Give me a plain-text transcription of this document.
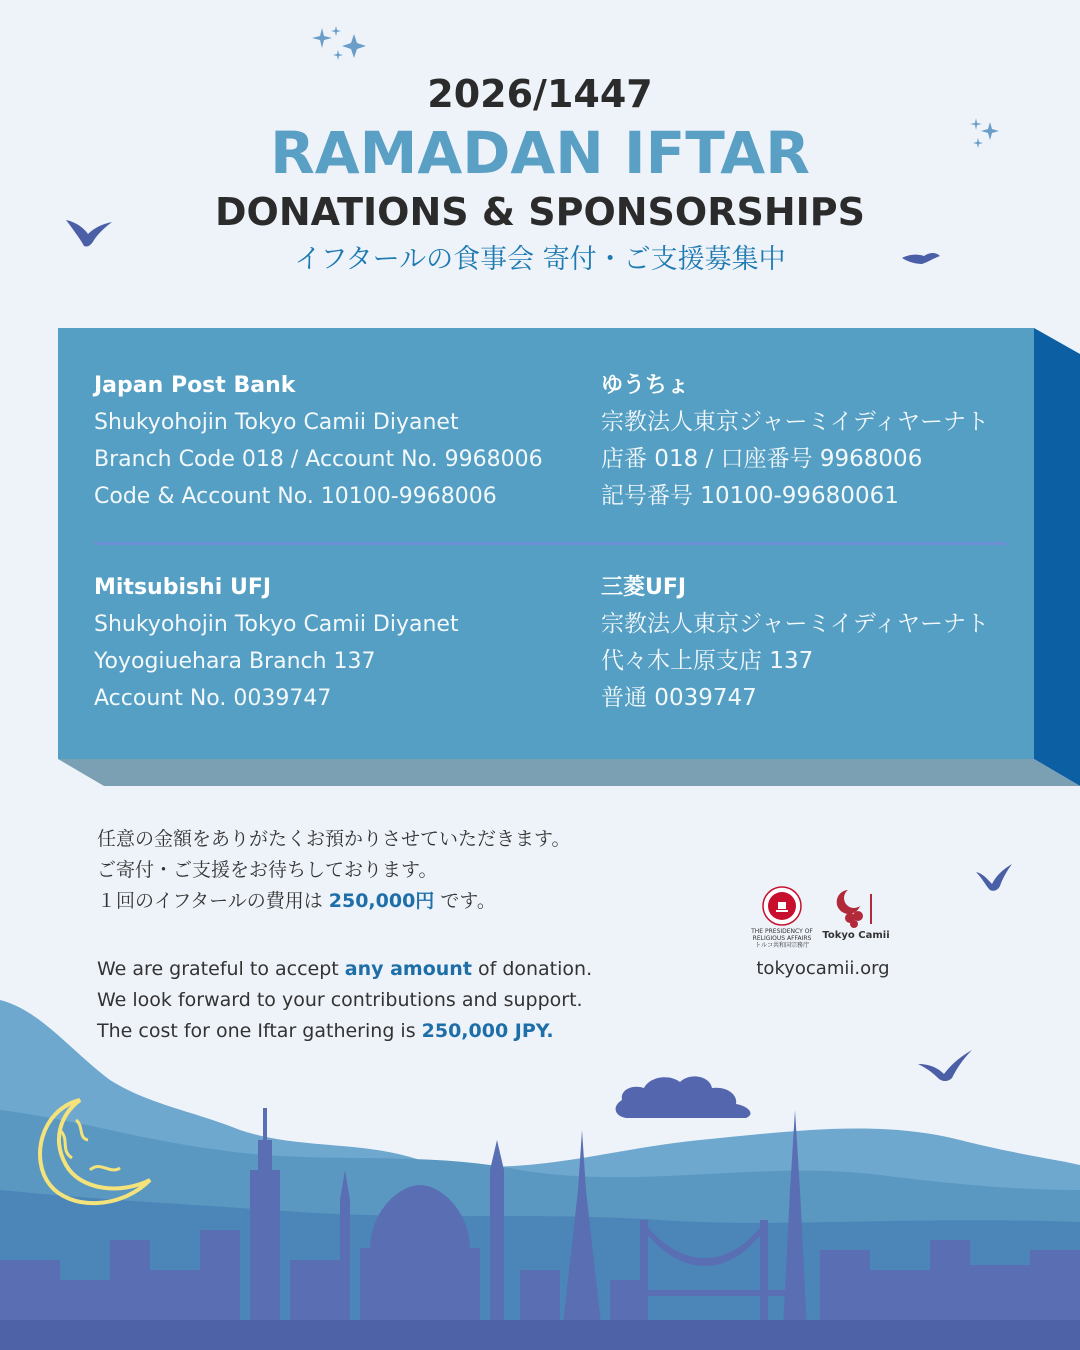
2026/1447
RAMADAN IFTAR
DONATIONS & SPONSORSHIPS
イフタールの食事会 寄付・ご支援募集中
Japan Post Bank
Shukyohojin Tokyo Camii Diyanet
Branch Code 018 / Account No. 9968006
Code & Account No. 10100-9968006
ゆうちょ
宗教法人東京ジャーミイディヤーナト
店番 018 / 口座番号 9968006
記号番号 10100-99680061
Mitsubishi UFJ
Shukyohojin Tokyo Camii Diyanet
Yoyogiuehara Branch 137
Account No. 0039747
三菱UFJ
宗教法人東京ジャーミイディヤーナト
代々木上原支店 137
普通 0039747
任意の金額をありがたくお預かりさせていただきます。
ご寄付・ご支援をお待ちしております。
１回のイフタールの費用は 250,000円 です。
We are grateful to accept any amount of donation.
We look forward to your contributions and support.
The cost for one Iftar gathering is 250,000 JPY.
THE PRESIDENCY OF RELIGIOUS AFFAIRS
トルコ共和国宗務庁
Tokyo Camii
tokyocamii.org
